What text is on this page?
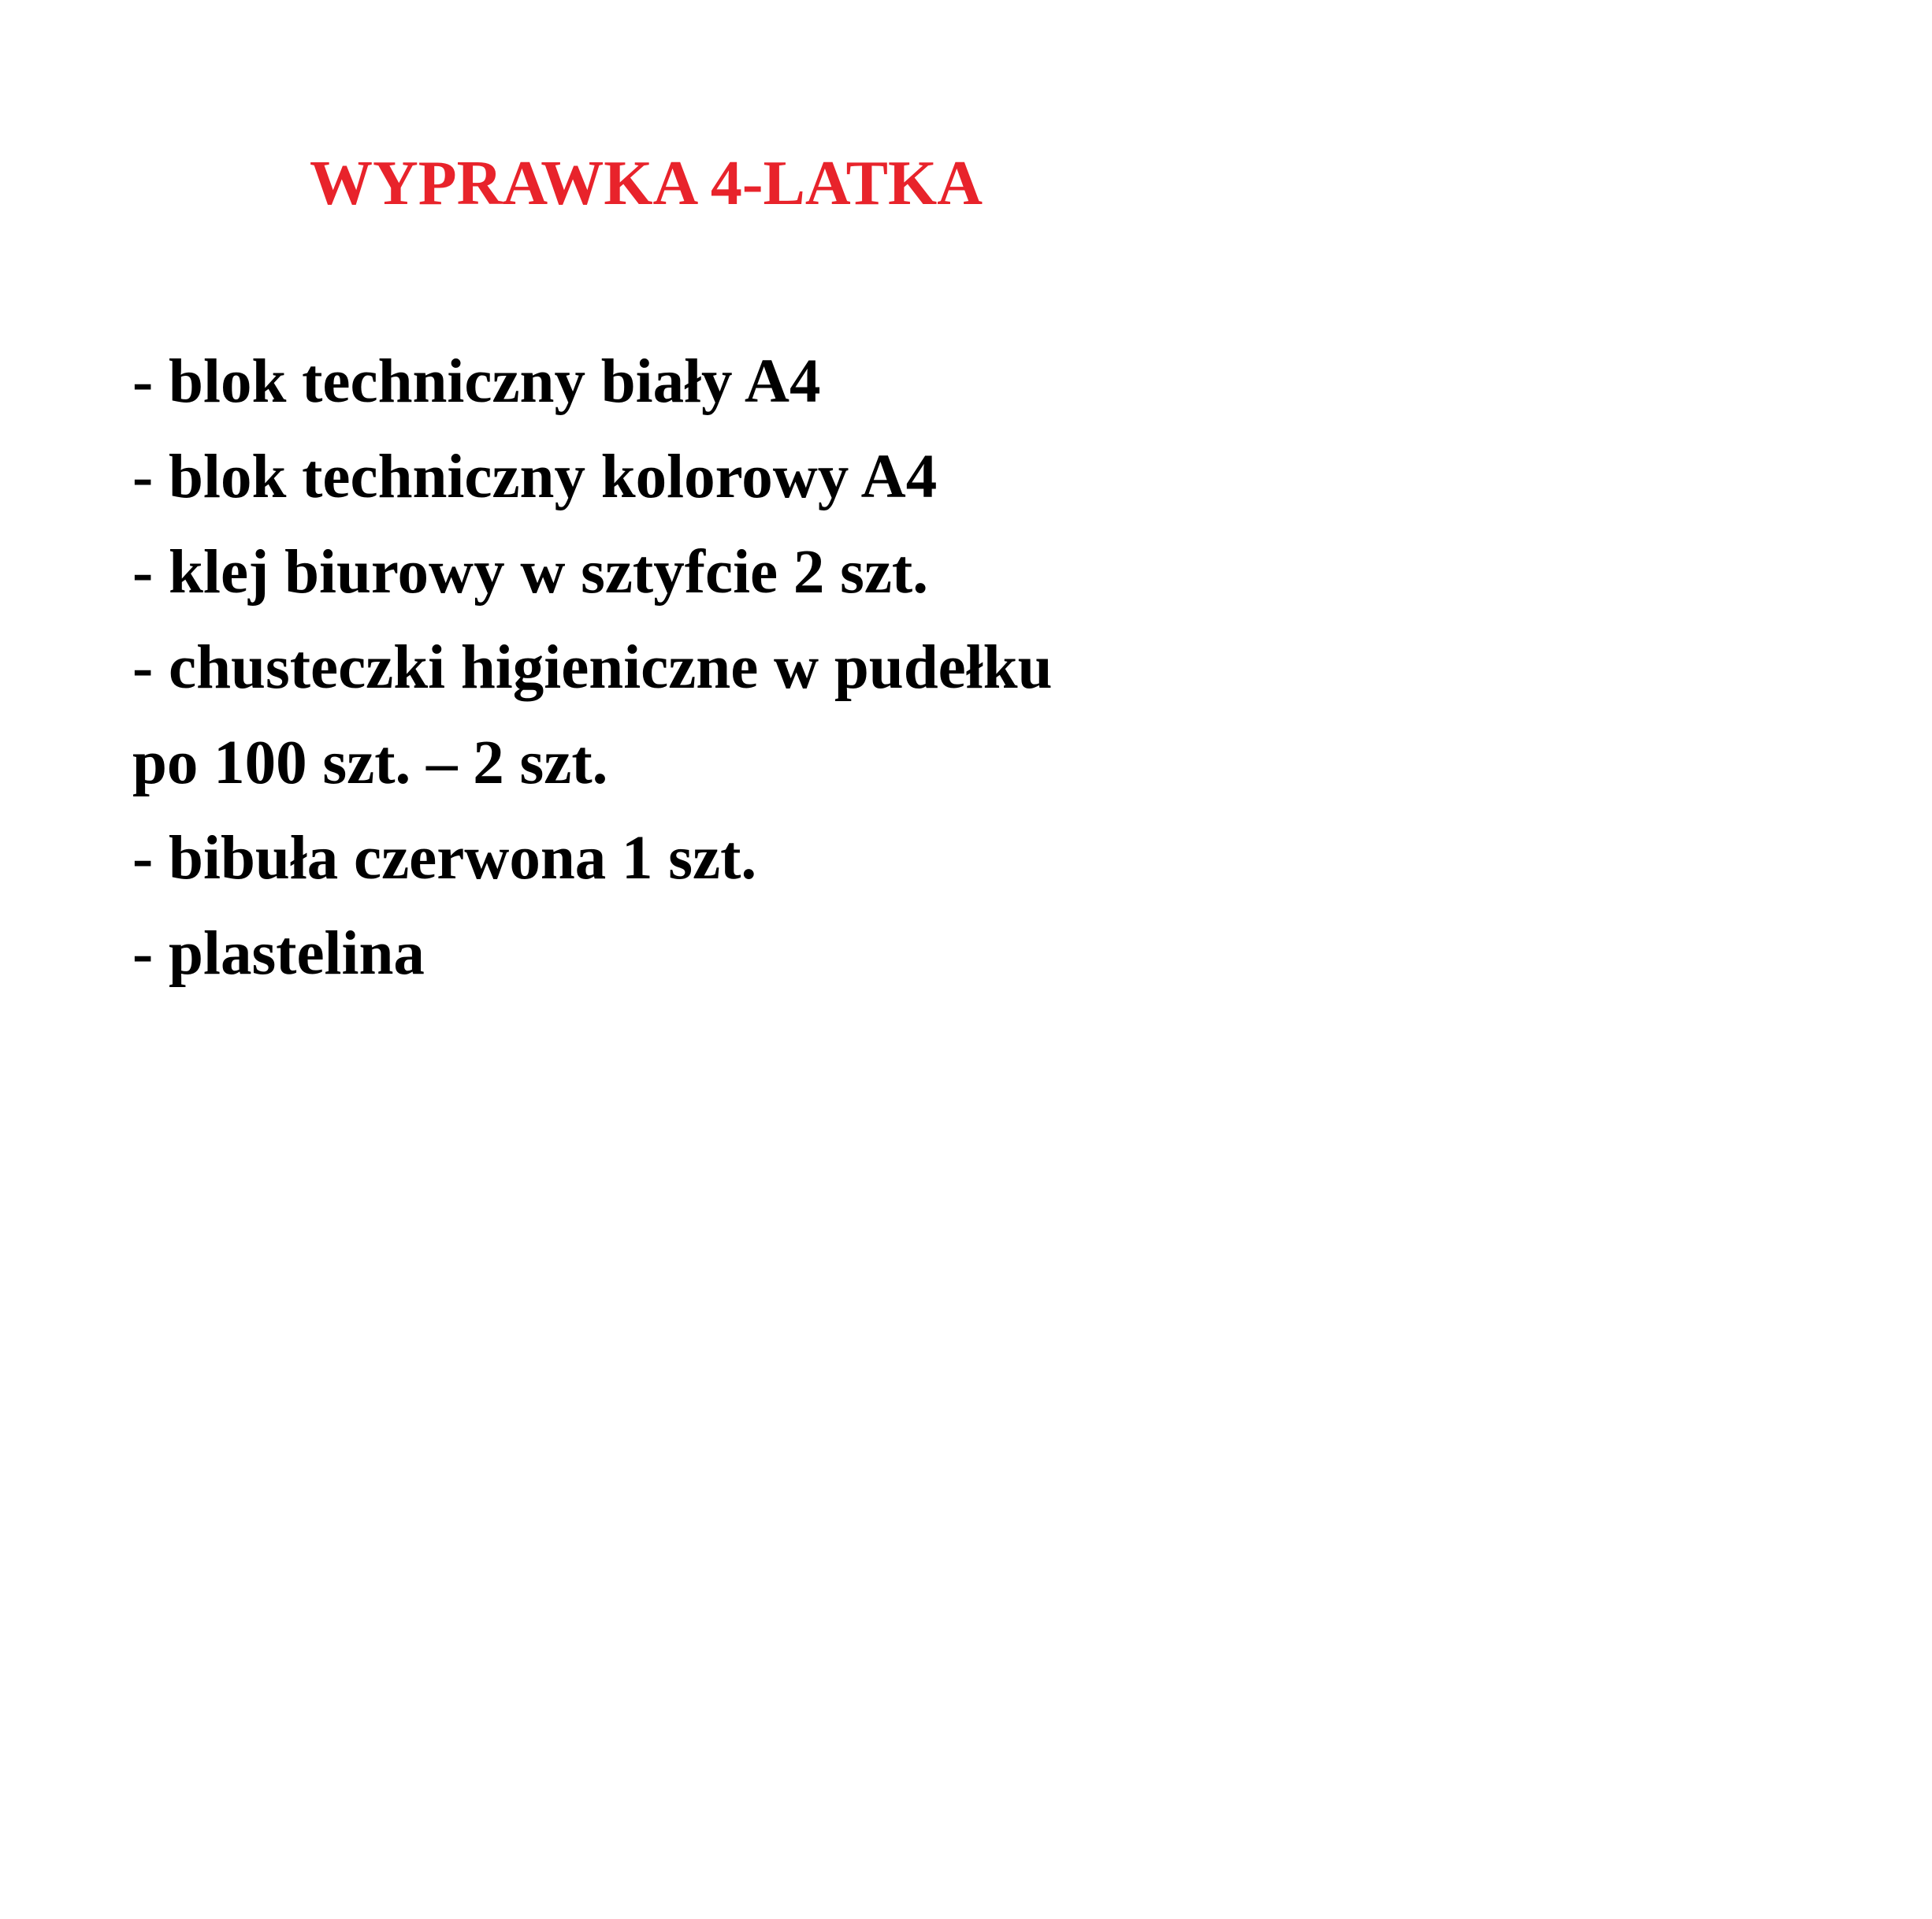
WYPRAWKA 4-LATKA
- blok techniczny biały A4
- blok techniczny kolorowy A4
- klej biurowy w sztyfcie 2 szt.
- chusteczki higieniczne w pudełku
po 100 szt. – 2 szt.
- bibuła czerwona 1 szt.
- plastelina
